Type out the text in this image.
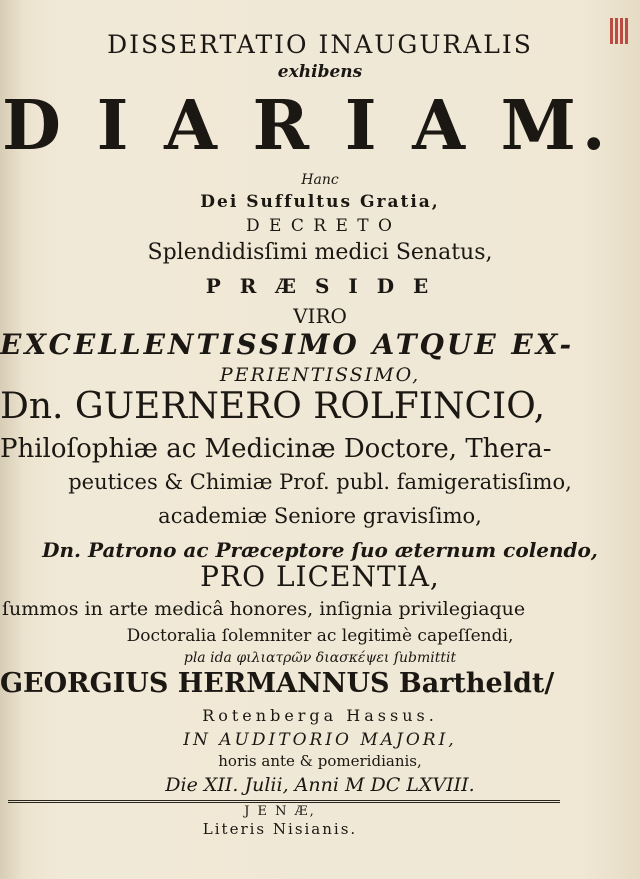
DISSERTATIO INAUGURALIS
exhibens
D I A R I A M.
Hanc
Dei Suffultus Gratia,
D E C R E T O
Splendidisſimi medici Senatus,
P R Æ S I D E
VIRO
EXCELLENTISSIMO ATQUE EX-
PERIENTISSIMO,
Dn. GUERNERO ROLFINCIO,
Philoſophiæ ac Medicinæ Doctore, Thera-
peutices & Chimiæ Prof. publ. famigeratisſimo,
academiæ Seniore gravisſimo,
Dn. Patrono ac Præceptore ſuo æternum colendo,
PRO LICENTIA,
ſummos in arte medicâ honores, inſignia privilegiaque
Doctoralia ſolemniter ac legitimè capeſſendi,
pla ida φιλιατρῶν διασκέψει ſubmittit
GEORGIUS HERMANNUS Bartheldt/
Rotenberga Hassus.
IN AUDITORIO MAJORI,
horis ante & pomeridianis,
Die XII. Julii, Anni M DC LXVIII.
J E N Æ,
Literis Nisianis.
